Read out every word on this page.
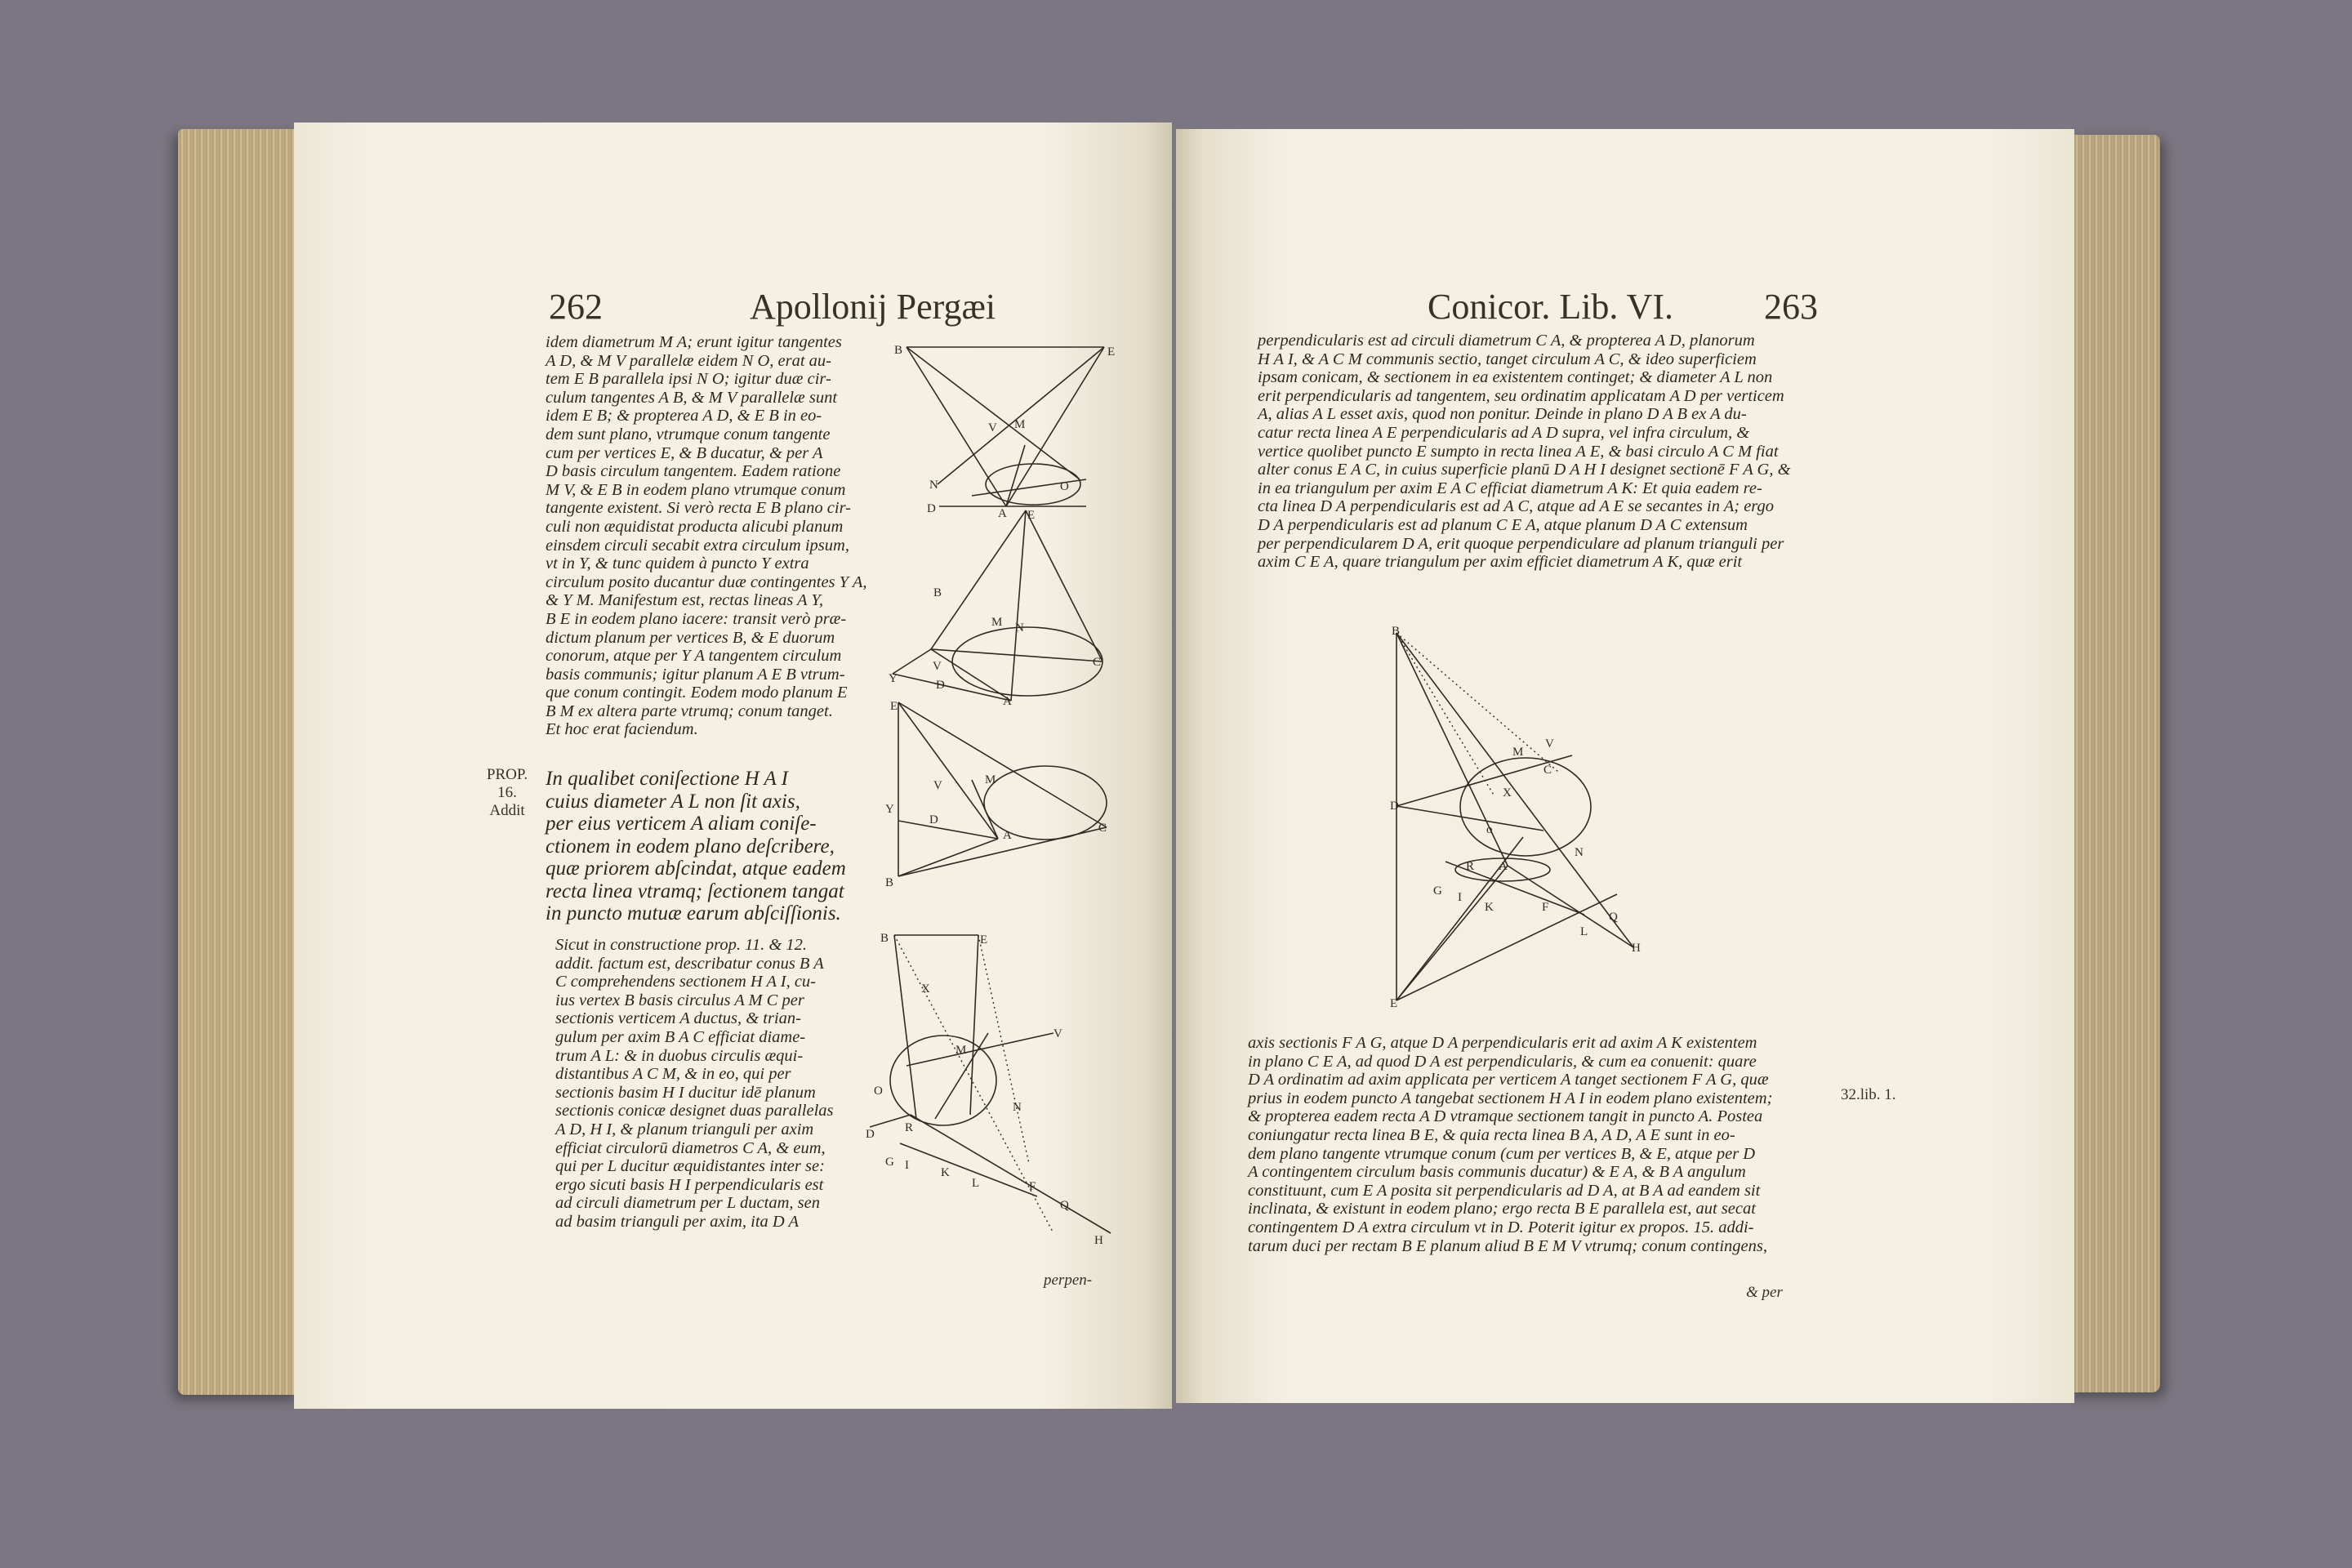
262	Apollonij Pergæi
idem diametrum M A; erunt igitur tangentes
A D, & M V parallelæ eidem N O, erat au-
tem E B parallela ipsi N O; igitur duæ cir-
culum tangentes A B, & M V parallelæ sunt
idem E B; & propterea A D, & E B in eo-
dem sunt plano, vtrumque conum tangente
cum per vertices E, & B ducatur, & per A
D basis circulum tangentem. Eadem ratione
M V, & E B in eodem plano vtrumque conum
tangente existent. Si verò recta E B plano cir-
culi non æquidistat producta alicubi planum
einsdem circuli secabit extra circulum ipsum,
vt in Y, & tunc quidem à puncto Y extra
circulum posito ducantur duæ contingentes Y A,
& Y M. Manifestum est, rectas lineas A Y,
B E in eodem plano iacere: transit verò præ-
dictum planum per vertices B, & E duorum
conorum, atque per Y A tangentem circulum
basis communis; igitur planum A E B vtrum-
que conum contingit. Eodem modo planum E
B M ex altera parte vtrumq; conum tanget.
Et hoc erat faciendum.
In qualibet coniſectione H A I
cuius diameter A L non ſit axis,
per eius verticem A aliam coniſe-
ctionem in eodem plano deſcribere,
quæ priorem abſcindat, atque eadem
recta linea vtramq; ſectionem tangat
in puncto mutuæ earum abſciſſionis.
Sicut in constructione prop. 11. & 12.
addit. factum est, describatur conus B A
C comprehendens sectionem H A I, cu-
ius vertex B basis circulus A M C per
sectionis verticem A ductus, & trian-
gulum per axim B A C efficiat diame-
trum A L: & in duobus circulis æqui-
distantibus A C M, & in eo, qui per
sectionis basim H I ducitur idē planum
sectionis conicæ designet duas parallelas
A D, H I, & planum trianguli per axim
efficiat circulorū diametros C A, & eum,
qui per L ducitur æquidistantes inter se:
ergo sicuti basis H I perpendicularis est
ad circuli diametrum per L ductam, sen
ad basim trianguli per axim, ita D A
PROP.
16.
Addit
perpen-
B	E
V M
N	O
D	A E
B
M N
Y
V
D
A
C
E
V	M
Y
D
A
C
B
B	E
X
M
V
O
D
N
R
G I
K
L	F
Q
H
Conicor. Lib. VI.	263
perpendicularis est ad circuli diametrum C A, & propterea A D, planorum
H A I, & A C M communis sectio, tanget circulum A C, & ideo superficiem
ipsam conicam, & sectionem in ea existentem continget; & diameter A L non
erit perpendicularis ad tangentem, seu ordinatim applicatam A D per verticem
A, alias A L esset axis, quod non ponitur. Deinde in plano D A B ex A du-
catur recta linea A E perpendicularis ad A D supra, vel infra circulum, &
vertice quolibet puncto E sumpto in recta linea A E, & basi circulo A C M fiat
alter conus E A C, in cuius superficie planū D A H I designet sectionē F A G, &
in ea triangulum per axim E A C efficiat diametrum A K: Et quia eadem re-
cta linea D A perpendicularis est ad A C, atque ad A E se secantes in A; ergo
D A perpendicularis est ad planum C E A, atque planum D A C extensum
per perpendicularem D A, erit quoque perpendiculare ad planum trianguli per
axim C E A, quare triangulum per axim efficiet diametrum A K, quæ erit
axis sectionis F A G, atque D A perpendicularis erit ad axim A K existentem
in plano C E A, ad quod D A est perpendicularis, & cum ea conuenit: quare
D A ordinatim ad axim applicata per verticem A tanget sectionem F A G, quæ
prius in eodem puncto A tangebat sectionem H A I in eodem plano existentem;
& propterea eadem recta A D vtramque sectionem tangit in puncto A. Postea
coniungatur recta linea B E, & quia recta linea B A, A D, A E sunt in eo-
dem plano tangente vtrumque conum (cum per vertices B, & E, atque per D
A contingentem circulum basis communis ducatur) & E A, & B A angulum
constituunt, cum E A posita sit perpendicularis ad D A, at B A ad eandem sit
inclinata, & existunt in eodem plano; ergo recta B E parallela est, aut secat
contingentem D A extra circulum vt in D. Poterit igitur ex propos. 15. addi-
tarum duci per rectam B E planum aliud B E M V vtrumq; conum contingens,
32.lib. 1.
& per
B
M
V
C
X
D
o
A
N
R
G I
K	F
Q
L
H
E
